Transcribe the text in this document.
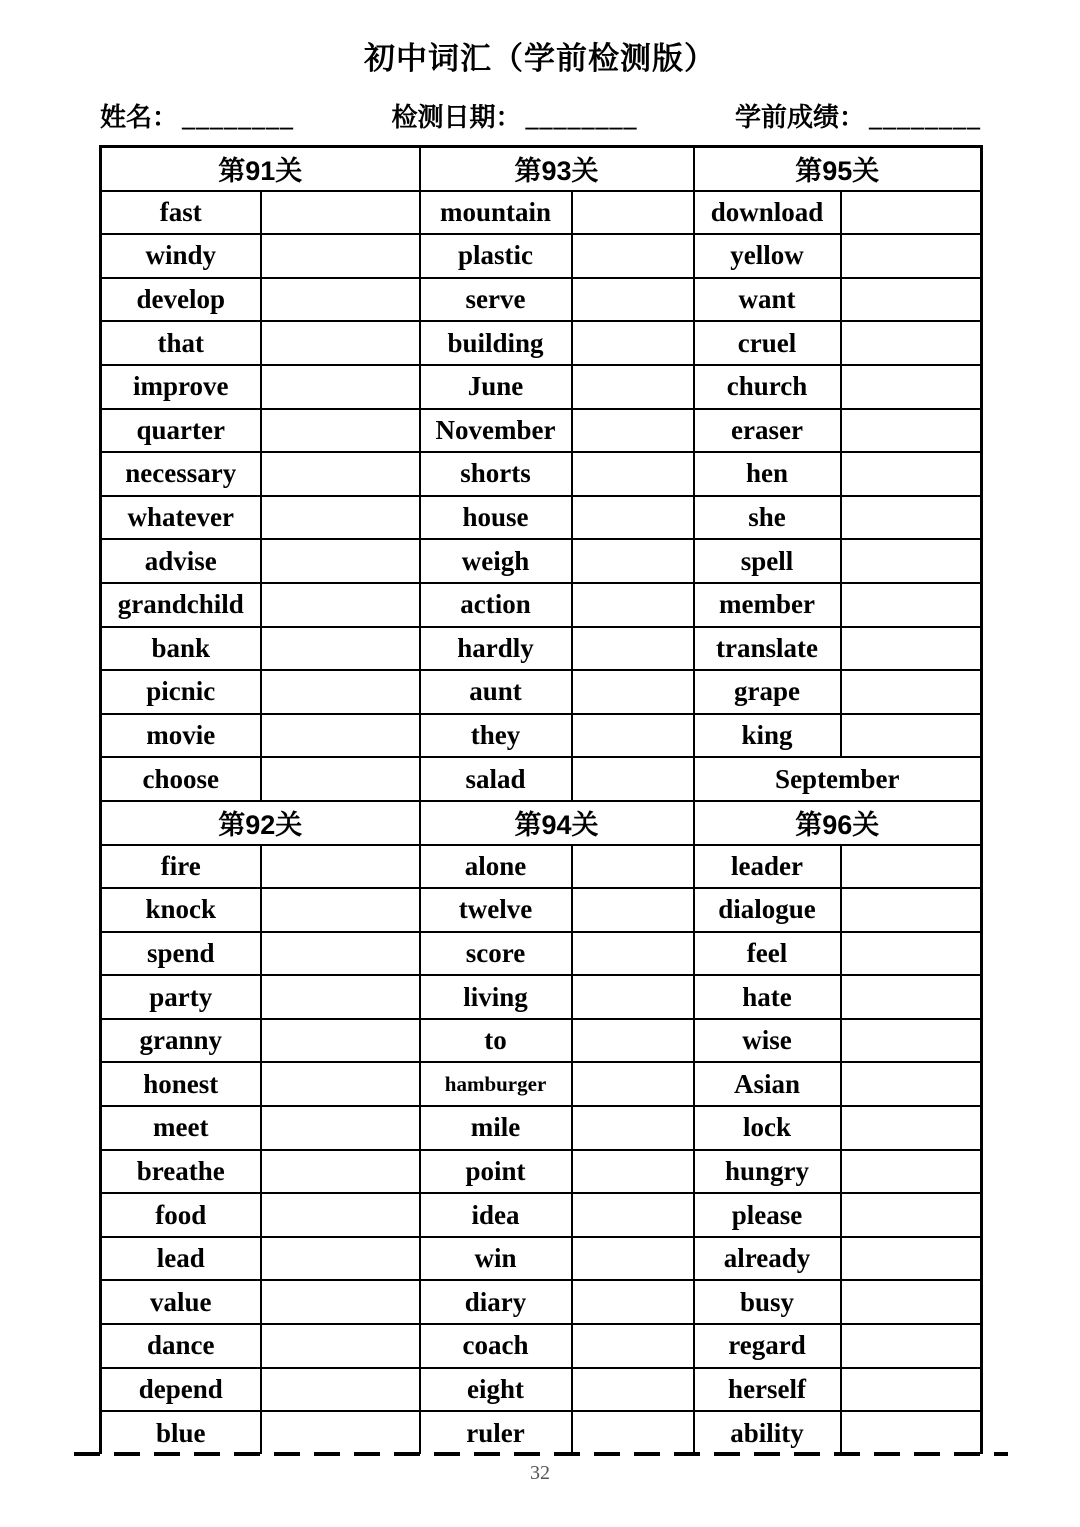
初中词汇（学前检测版）
姓名： ________	检测日期： ________	学前成绩： ________
第91关		第93关		第95关	
fast		mountain		download	
windy		plastic		yellow	
develop		serve		want	
that		building		cruel	
improve		June		church	
quarter		November		eraser	
necessary		shorts		hen	
whatever		house		she	
advise		weigh		spell	
grandchild		action		member	
bank		hardly		translate	
picnic		aunt		grape	
movie		they		king	
choose		salad		September	
第92关		第94关		第96关	
fire		alone		leader	
knock		twelve		dialogue	
spend		score		feel	
party		living		hate	
granny		to		wise	
honest		hamburger		Asian	
meet		mile		lock	
breathe		point		hungry	
food		idea		please	
lead		win		already	
value		diary		busy	
dance		coach		regard	
depend		eight		herself	
blue		ruler		ability	
32
